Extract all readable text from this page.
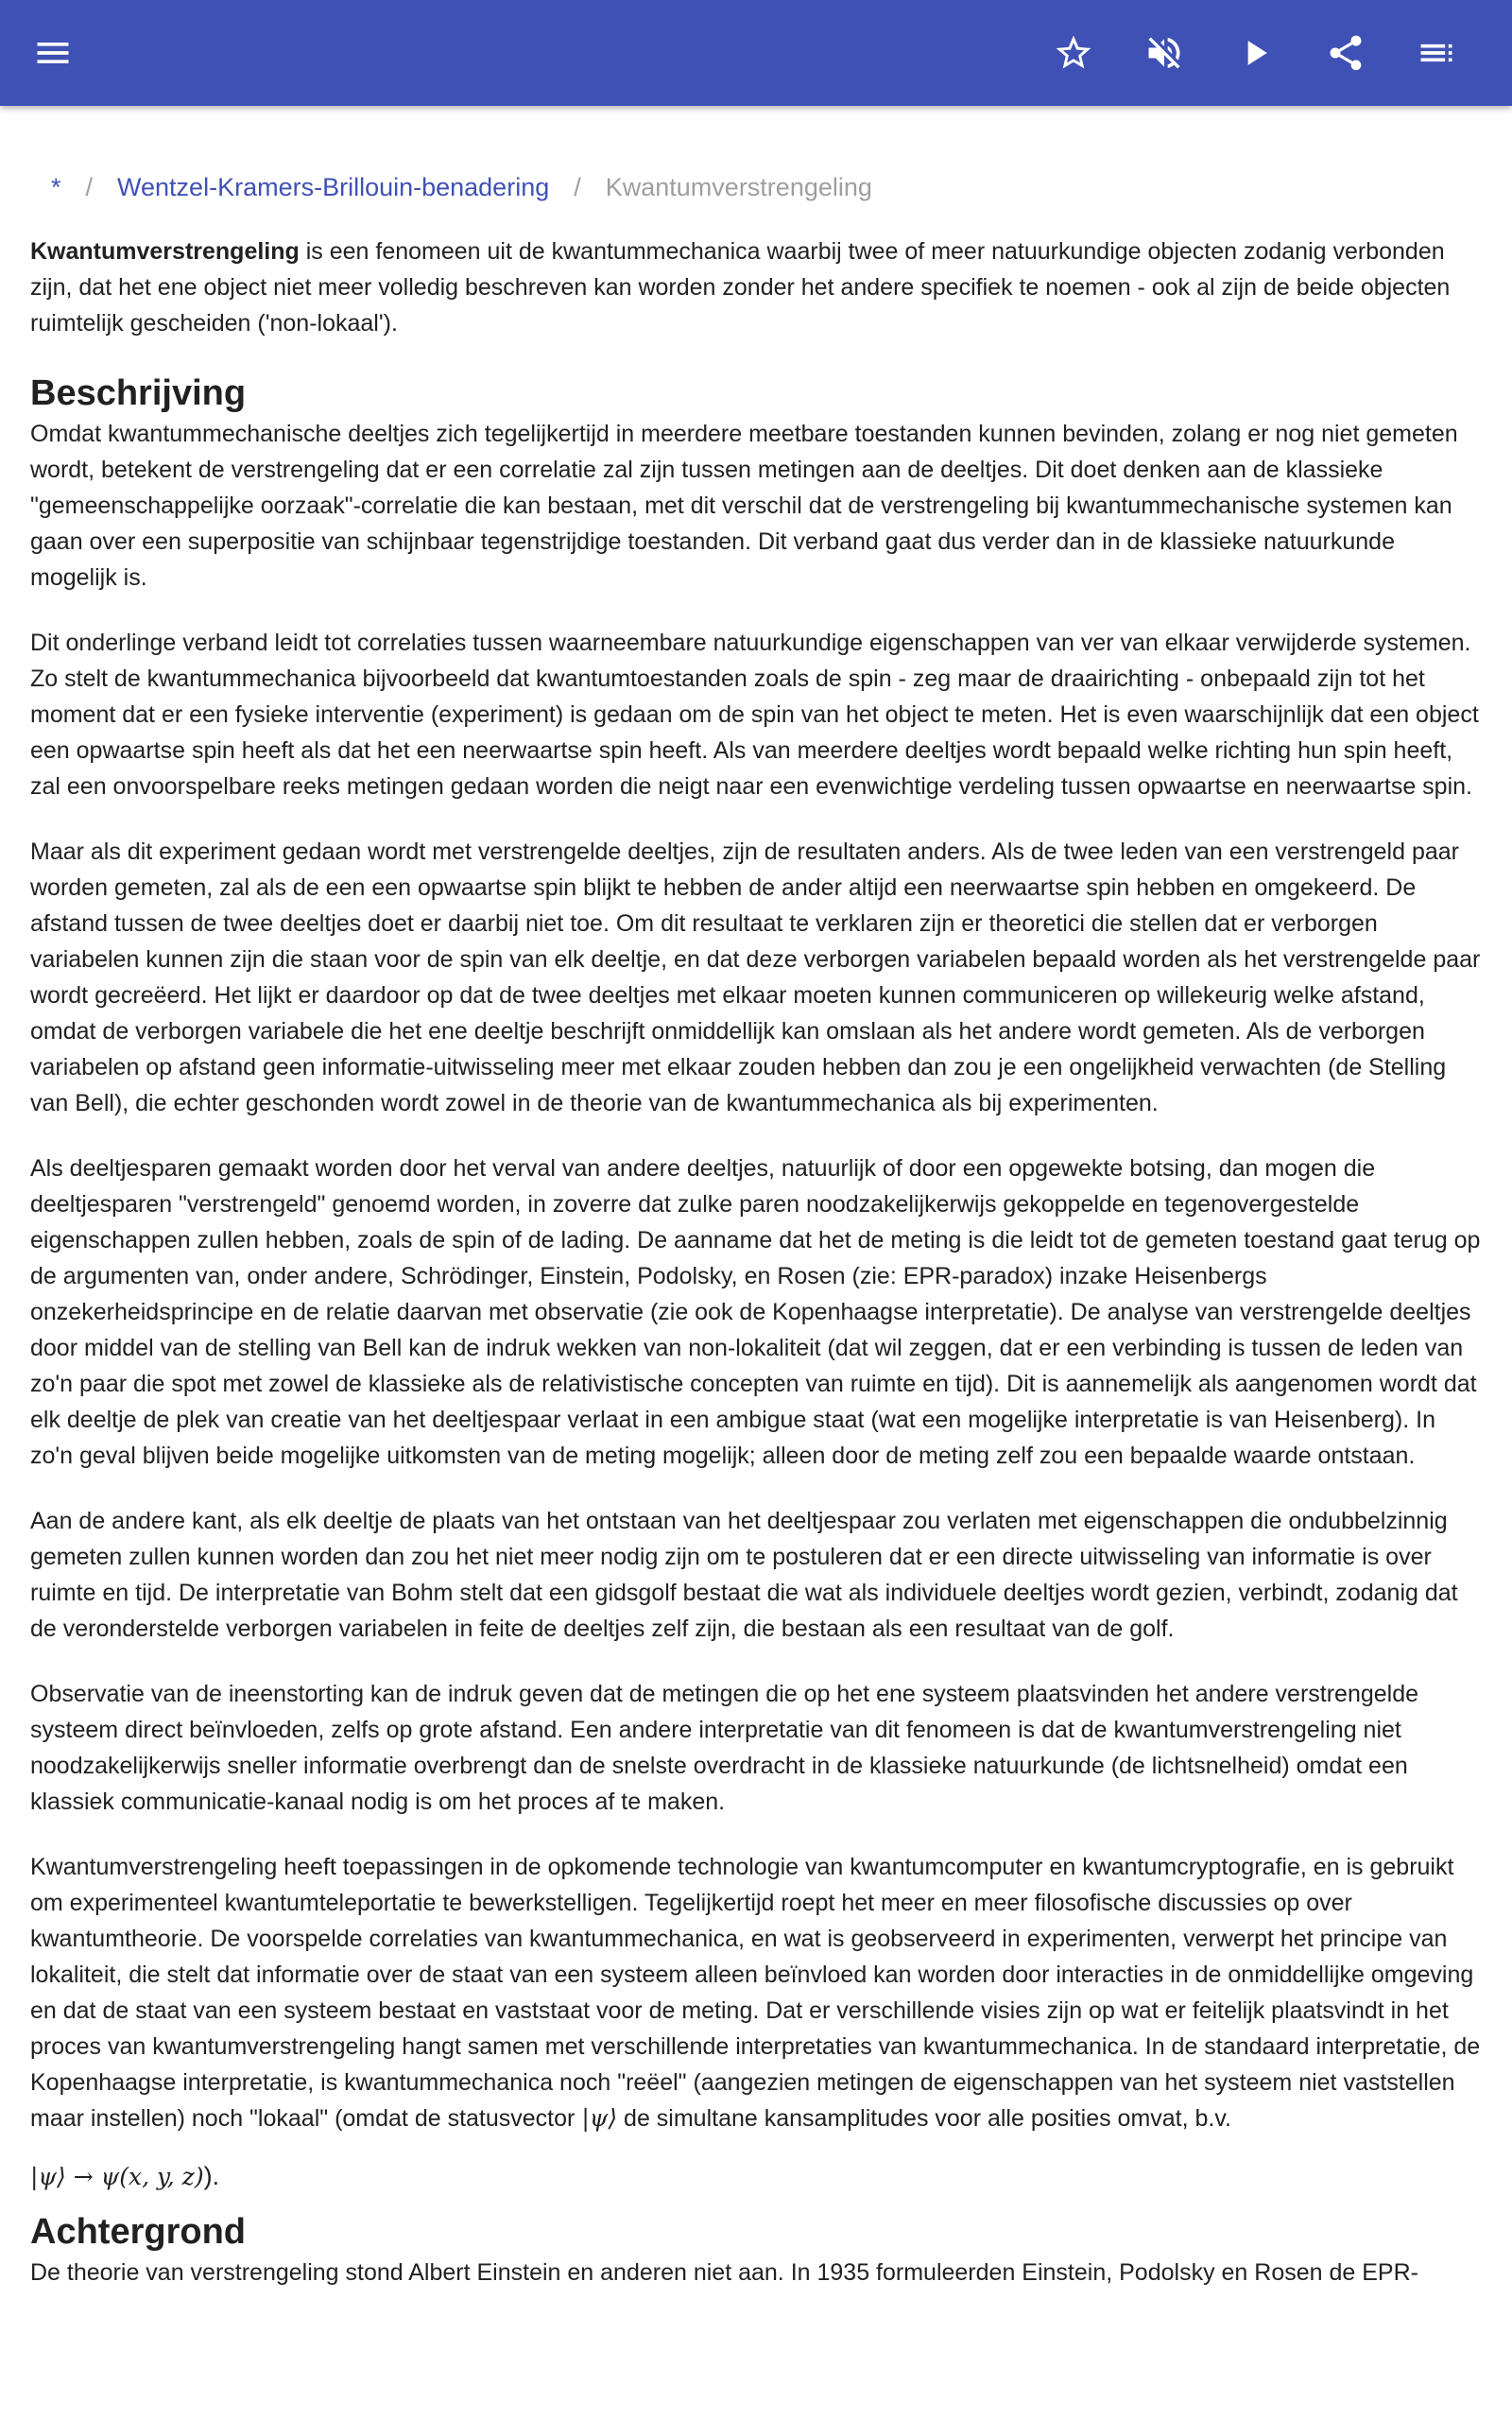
* / Wentzel-Kramers-Brillouin-benadering / Kwantumverstrengeling

Kwantumverstrengeling is een fenomeen uit de kwantummechanica waarbij twee of meer natuurkundige objecten zodanig verbonden zijn, dat het ene object niet meer volledig beschreven kan worden zonder het andere specifiek te noemen - ook al zijn de beide objecten ruimtelijk gescheiden ('non-lokaal').

Beschrijving

Omdat kwantummechanische deeltjes zich tegelijkertijd in meerdere meetbare toestanden kunnen bevinden, zolang er nog niet gemeten wordt, betekent de verstrengeling dat er een correlatie zal zijn tussen metingen aan de deeltjes. Dit doet denken aan de klassieke "gemeenschappelijke oorzaak"-correlatie die kan bestaan, met dit verschil dat de verstrengeling bij kwantummechanische systemen kan gaan over een superpositie van schijnbaar tegenstrijdige toestanden. Dit verband gaat dus verder dan in de klassieke natuurkunde mogelijk is.

Dit onderlinge verband leidt tot correlaties tussen waarneembare natuurkundige eigenschappen van ver van elkaar verwijderde systemen. Zo stelt de kwantummechanica bijvoorbeeld dat kwantumtoestanden zoals de spin - zeg maar de draairichting - onbepaald zijn tot het moment dat er een fysieke interventie (experiment) is gedaan om de spin van het object te meten. Het is even waarschijnlijk dat een object een opwaartse spin heeft als dat het een neerwaartse spin heeft. Als van meerdere deeltjes wordt bepaald welke richting hun spin heeft, zal een onvoorspelbare reeks metingen gedaan worden die neigt naar een evenwichtige verdeling tussen opwaartse en neerwaartse spin.

Maar als dit experiment gedaan wordt met verstrengelde deeltjes, zijn de resultaten anders. Als de twee leden van een verstrengeld paar worden gemeten, zal als de een een opwaartse spin blijkt te hebben de ander altijd een neerwaartse spin hebben en omgekeerd. De afstand tussen de twee deeltjes doet er daarbij niet toe. Om dit resultaat te verklaren zijn er theoretici die stellen dat er verborgen variabelen kunnen zijn die staan voor de spin van elk deeltje, en dat deze verborgen variabelen bepaald worden als het verstrengelde paar wordt gecreëerd. Het lijkt er daardoor op dat de twee deeltjes met elkaar moeten kunnen communiceren op willekeurig welke afstand, omdat de verborgen variabele die het ene deeltje beschrijft onmiddellijk kan omslaan als het andere wordt gemeten. Als de verborgen variabelen op afstand geen informatie-uitwisseling meer met elkaar zouden hebben dan zou je een ongelijkheid verwachten (de Stelling van Bell), die echter geschonden wordt zowel in de theorie van de kwantummechanica als bij experimenten.

Als deeltjesparen gemaakt worden door het verval van andere deeltjes, natuurlijk of door een opgewekte botsing, dan mogen die deeltjesparen "verstrengeld" genoemd worden, in zoverre dat zulke paren noodzakelijkerwijs gekoppelde en tegenovergestelde eigenschappen zullen hebben, zoals de spin of de lading. De aanname dat het de meting is die leidt tot de gemeten toestand gaat terug op de argumenten van, onder andere, Schrödinger, Einstein, Podolsky, en Rosen (zie: EPR-paradox) inzake Heisenbergs onzekerheidsprincipe en de relatie daarvan met observatie (zie ook de Kopenhaagse interpretatie). De analyse van verstrengelde deeltjes door middel van de stelling van Bell kan de indruk wekken van non-lokaliteit (dat wil zeggen, dat er een verbinding is tussen de leden van zo'n paar die spot met zowel de klassieke als de relativistische concepten van ruimte en tijd). Dit is aannemelijk als aangenomen wordt dat elk deeltje de plek van creatie van het deeltjespaar verlaat in een ambigue staat (wat een mogelijke interpretatie is van Heisenberg). In zo'n geval blijven beide mogelijke uitkomsten van de meting mogelijk; alleen door de meting zelf zou een bepaalde waarde ontstaan.

Aan de andere kant, als elk deeltje de plaats van het ontstaan van het deeltjespaar zou verlaten met eigenschappen die ondubbelzinnig gemeten zullen kunnen worden dan zou het niet meer nodig zijn om te postuleren dat er een directe uitwisseling van informatie is over ruimte en tijd. De interpretatie van Bohm stelt dat een gidsgolf bestaat die wat als individuele deeltjes wordt gezien, verbindt, zodanig dat de veronderstelde verborgen variabelen in feite de deeltjes zelf zijn, die bestaan als een resultaat van de golf.

Observatie van de ineenstorting kan de indruk geven dat de metingen die op het ene systeem plaatsvinden het andere verstrengelde systeem direct beïnvloeden, zelfs op grote afstand. Een andere interpretatie van dit fenomeen is dat de kwantumverstrengeling niet noodzakelijkerwijs sneller informatie overbrengt dan de snelste overdracht in de klassieke natuurkunde (de lichtsnelheid) omdat een klassiek communicatie-kanaal nodig is om het proces af te maken.

Kwantumverstrengeling heeft toepassingen in de opkomende technologie van kwantumcomputer en kwantumcryptografie, en is gebruikt om experimenteel kwantumteleportatie te bewerkstelligen. Tegelijkertijd roept het meer en meer filosofische discussies op over kwantumtheorie. De voorspelde correlaties van kwantummechanica, en wat is geobserveerd in experimenten, verwerpt het principe van lokaliteit, die stelt dat informatie over de staat van een systeem alleen beïnvloed kan worden door interacties in de onmiddellijke omgeving en dat de staat van een systeem bestaat en vaststaat voor de meting. Dat er verschillende visies zijn op wat er feitelijk plaatsvindt in het proces van kwantumverstrengeling hangt samen met verschillende interpretaties van kwantummechanica. In de standaard interpretatie, de Kopenhaagse interpretatie, is kwantummechanica noch "reëel" (aangezien metingen de eigenschappen van het systeem niet vaststellen maar instellen) noch "lokaal" (omdat de statusvector |ψ⟩ de simultane kansamplitudes voor alle posities omvat, b.v.

|ψ⟩ → ψ(x, y, z)).
Achtergrond

De theorie van verstrengeling stond Albert Einstein en anderen niet aan. In 1935 formuleerden Einstein, Podolsky en Rosen de EPR-
